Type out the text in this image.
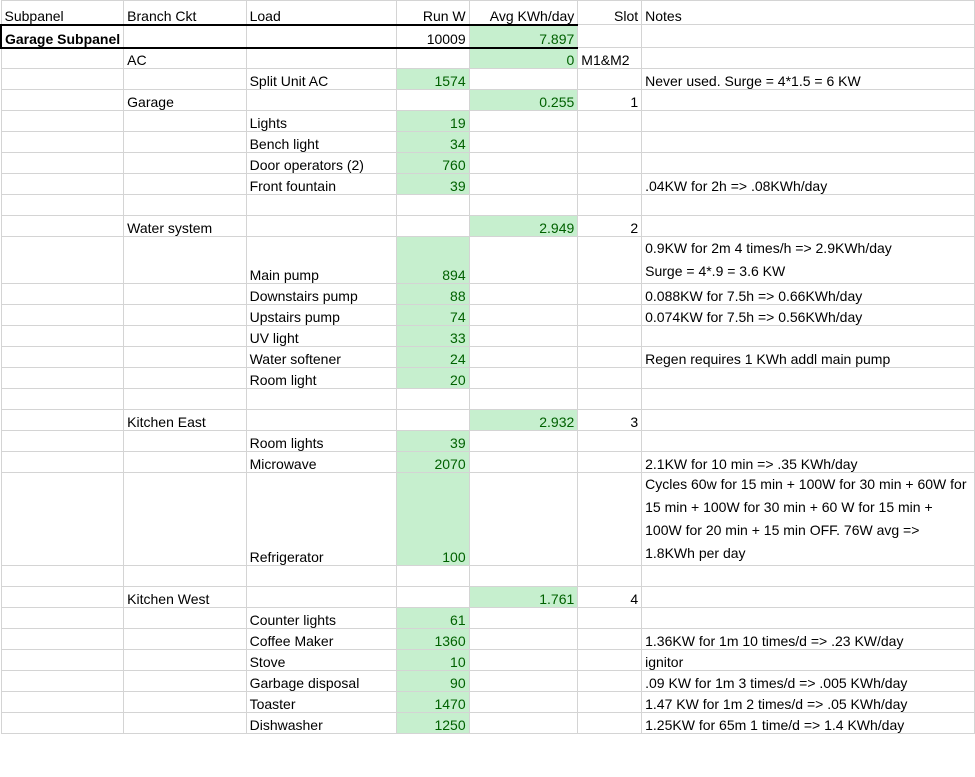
Subpanel	Branch Ckt	Load	Run W	Avg KWh/day	Slot	Notes
Garage Subpanel			10009	7.897		
	AC			0	M1&M2	
		Split Unit AC	1574			Never used. Surge = 4*1.5 = 6 KW
	Garage			0.255	1	
		Lights	19			
		Bench light	34			
		Door operators (2)	760			
		Front fountain	39			.04KW for 2h => .08KWh/day

	Water system			2.949	2	
		Main pump	894			0.9KW for 2m 4 times/h => 2.9KWh/day
Surge = 4*.9 = 3.6 KW

		Downstairs pump	88			0.088KW for 7.5h => 0.66KWh/day
		Upstairs pump	74			0.074KW for 7.5h => 0.56KWh/day
		UV light	33			
		Water softener	24			Regen requires 1 KWh addl main pump
		Room light	20			

	Kitchen East			2.932	3	
		Room lights	39			
		Microwave	2070			2.1KW for 10 min => .35 KWh/day
		Refrigerator	100			Cycles 60w for 15 min + 100W for 30 min + 60W for 15 min + 100W for 30 min + 60 W for 15 min + 100W for 20 min + 15 min OFF. 76W avg => 1.8KWh per day

	Kitchen West			1.761	4	
		Counter lights	61			
		Coffee Maker	1360			1.36KW for 1m 10 times/d => .23 KW/day
		Stove	10			ignitor
		Garbage disposal	90			.09 KW for 1m 3 times/d => .005 KWh/day
		Toaster	1470			1.47 KW for 1m 2 times/d => .05 KWh/day
		Dishwasher	1250			1.25KW for 65m 1 time/d => 1.4 KWh/day
